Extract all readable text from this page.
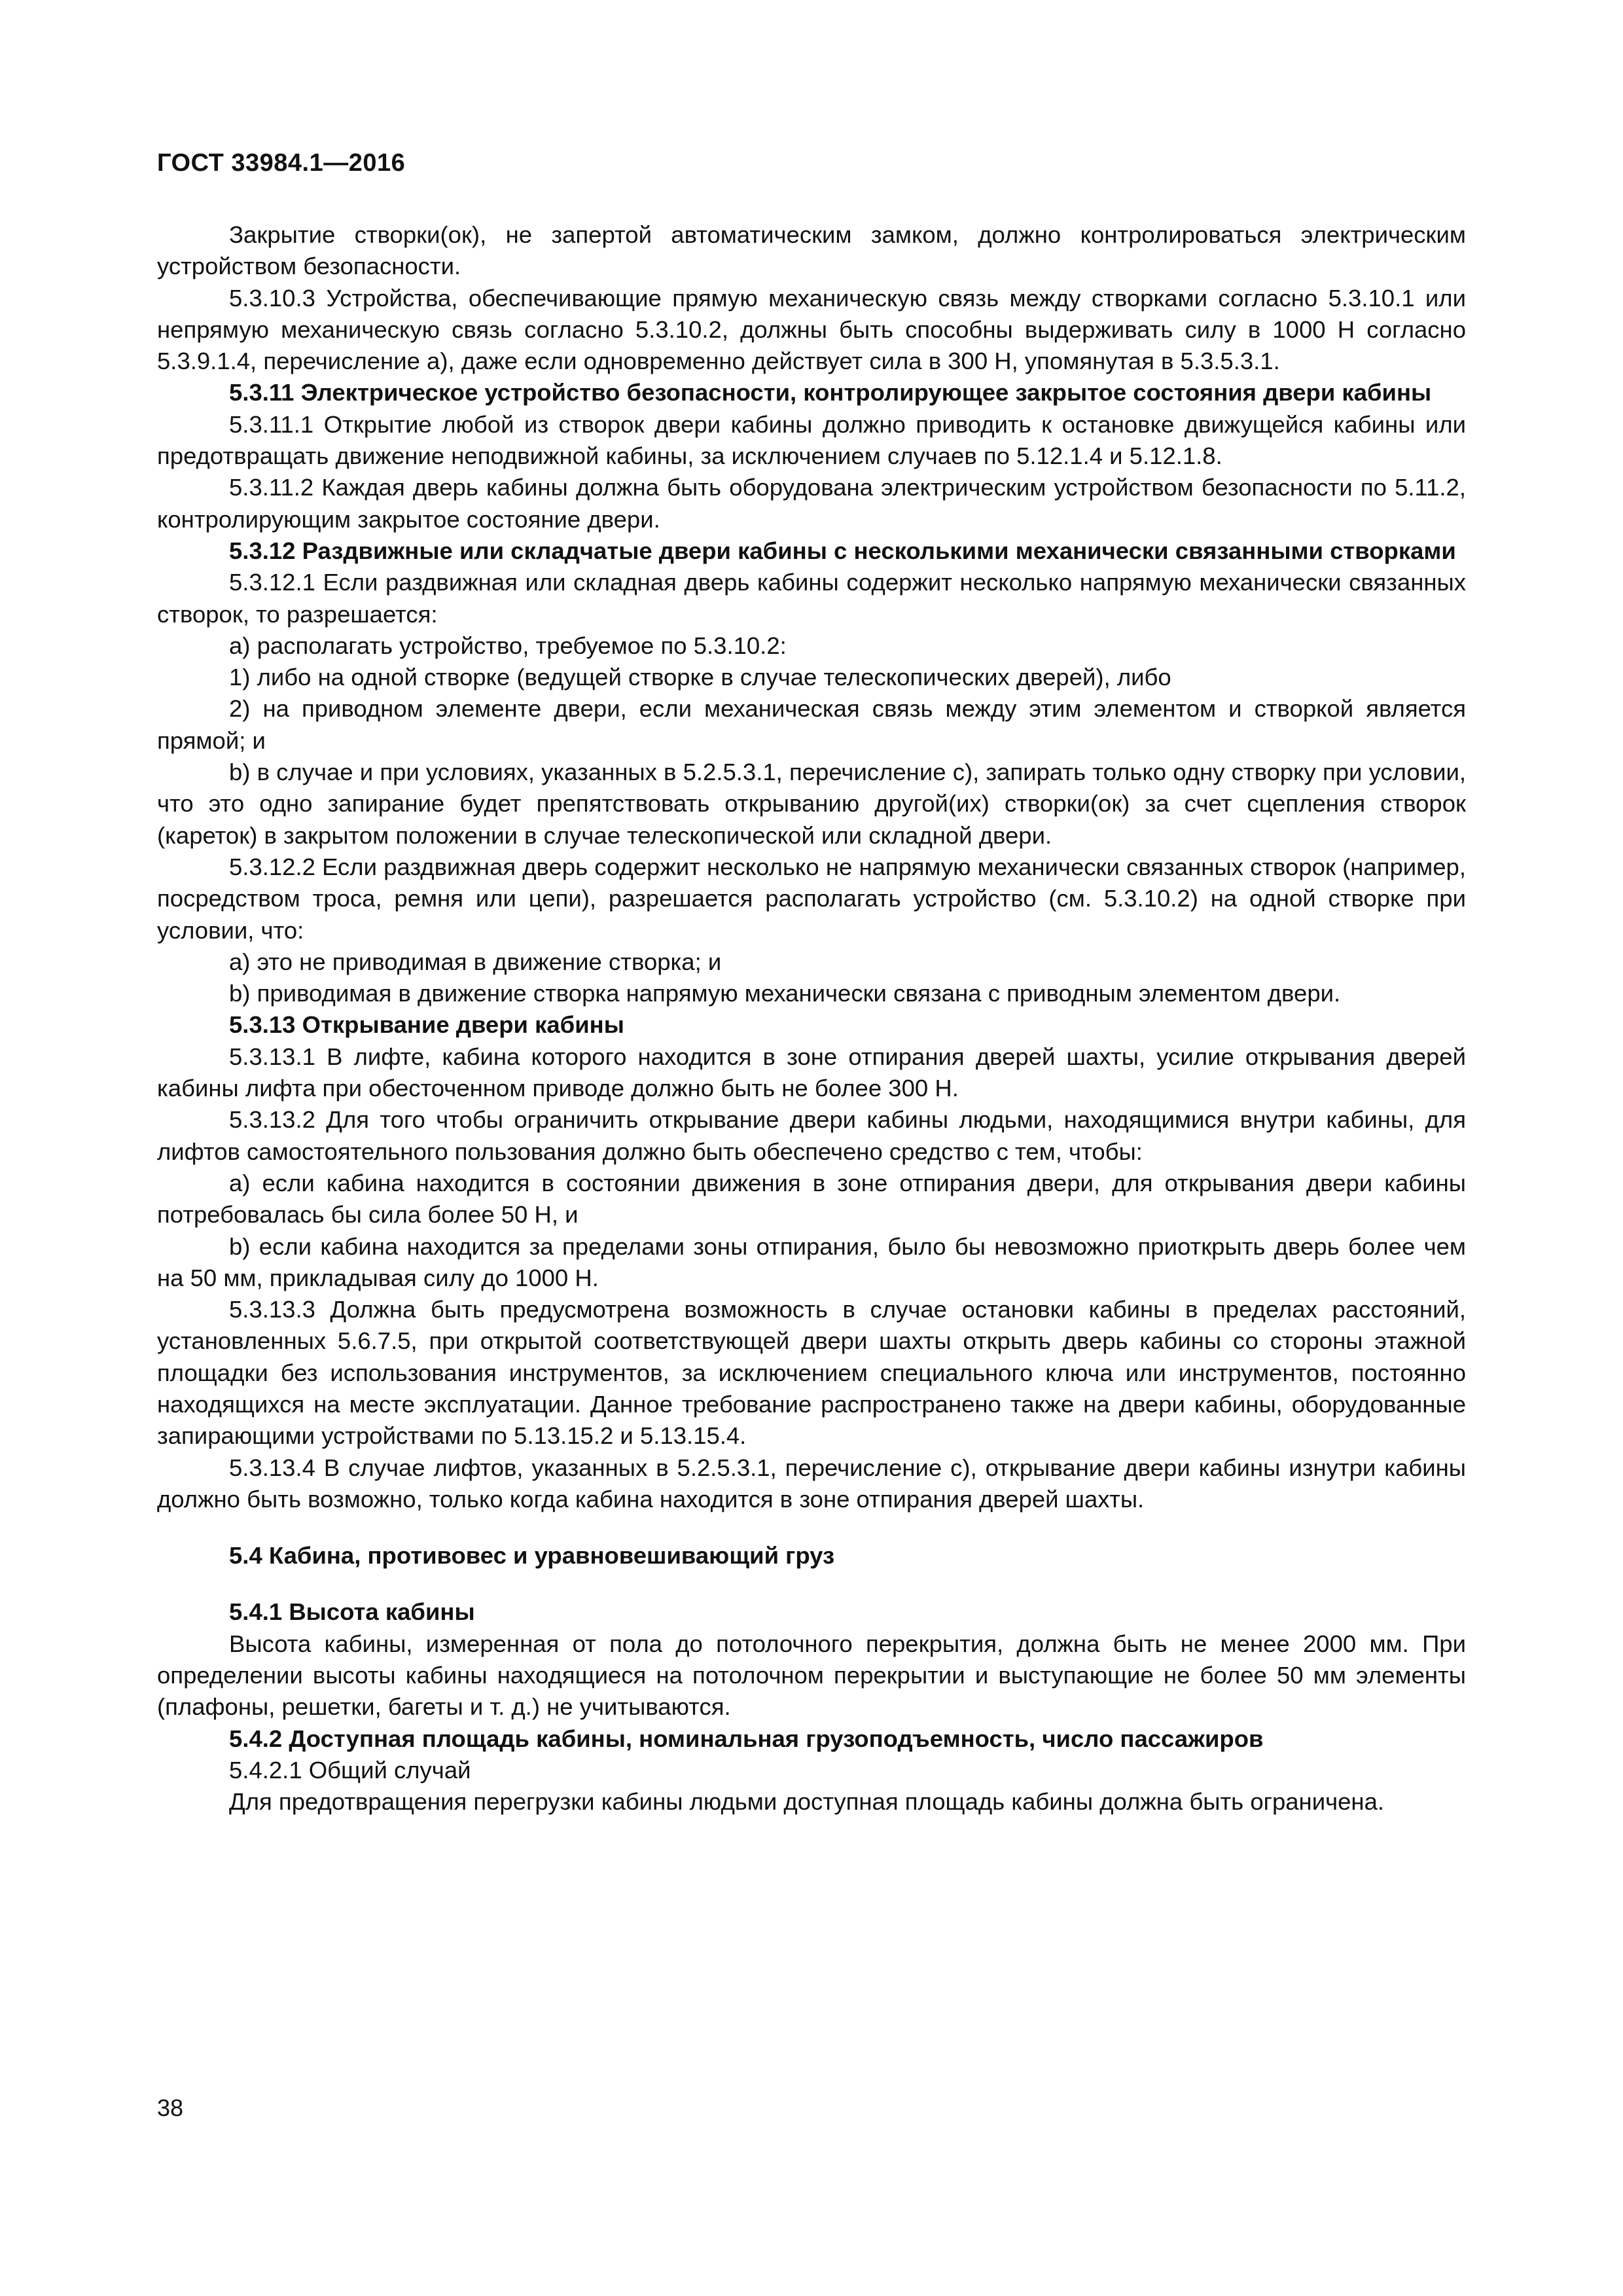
ГОСТ 33984.1—2016

Закрытие створки(ок), не запертой автоматическим замком, должно контролироваться электрическим устройством безопасности.

5.3.10.3 Устройства, обеспечивающие прямую механическую связь между створками согласно 5.3.10.1 или непрямую механическую связь согласно 5.3.10.2, должны быть способны выдерживать силу в 1000 Н согласно 5.3.9.1.4, перечисление а), даже если одновременно действует сила в 300 Н, упомянутая в 5.3.5.3.1.

5.3.11 Электрическое устройство безопасности, контролирующее закрытое состояния двери кабины

5.3.11.1 Открытие любой из створок двери кабины должно приводить к остановке движущейся кабины или предотвращать движение неподвижной кабины, за исключением случаев по 5.12.1.4 и 5.12.1.8.

5.3.11.2 Каждая дверь кабины должна быть оборудована электрическим устройством безопасности по 5.11.2, контролирующим закрытое состояние двери.

5.3.12 Раздвижные или складчатые двери кабины с несколькими механически связанными створками

5.3.12.1 Если раздвижная или складная дверь кабины содержит несколько напрямую механически связанных створок, то разрешается:

а) располагать устройство, требуемое по 5.3.10.2:

1) либо на одной створке (ведущей створке в случае телескопических дверей), либо

2) на приводном элементе двери, если механическая связь между этим элементом и створкой является прямой; и

b) в случае и при условиях, указанных в 5.2.5.3.1, перечисление с), запирать только одну створку при условии, что это одно запирание будет препятствовать открыванию другой(их) створки(ок) за счет сцепления створок (кареток) в закрытом положении в случае телескопической или складной двери.

5.3.12.2 Если раздвижная дверь содержит несколько не напрямую механически связанных створок (например, посредством троса, ремня или цепи), разрешается располагать устройство (см. 5.3.10.2) на одной створке при условии, что:

а) это не приводимая в движение створка; и

b) приводимая в движение створка напрямую механически связана с приводным элементом двери.

5.3.13 Открывание двери кабины

5.3.13.1 В лифте, кабина которого находится в зоне отпирания дверей шахты, усилие открывания дверей кабины лифта при обесточенном приводе должно быть не более 300 Н.

5.3.13.2 Для того чтобы ограничить открывание двери кабины людьми, находящимися внутри кабины, для лифтов самостоятельного пользования должно быть обеспечено средство с тем, чтобы:

а) если кабина находится в состоянии движения в зоне отпирания двери, для открывания двери кабины потребовалась бы сила более 50 Н, и

b) если кабина находится за пределами зоны отпирания, было бы невозможно приоткрыть дверь более чем на 50 мм, прикладывая силу до 1000 Н.

5.3.13.3 Должна быть предусмотрена возможность в случае остановки кабины в пределах расстояний, установленных 5.6.7.5, при открытой соответствующей двери шахты открыть дверь кабины со стороны этажной площадки без использования инструментов, за исключением специального ключа или инструментов, постоянно находящихся на месте эксплуатации. Данное требование распространено также на двери кабины, оборудованные запирающими устройствами по 5.13.15.2 и 5.13.15.4.

5.3.13.4 В случае лифтов, указанных в 5.2.5.3.1, перечисление с), открывание двери кабины изнутри кабины должно быть возможно, только когда кабина находится в зоне отпирания дверей шахты.

5.4 Кабина, противовес и уравновешивающий груз

5.4.1 Высота кабины

Высота кабины, измеренная от пола до потолочного перекрытия, должна быть не менее 2000 мм. При определении высоты кабины находящиеся на потолочном перекрытии и выступающие не более 50 мм элементы (плафоны, решетки, багеты и т. д.) не учитываются.

5.4.2 Доступная площадь кабины, номинальная грузоподъемность, число пассажиров

5.4.2.1 Общий случай

Для предотвращения перегрузки кабины людьми доступная площадь кабины должна быть ограничена.

38
